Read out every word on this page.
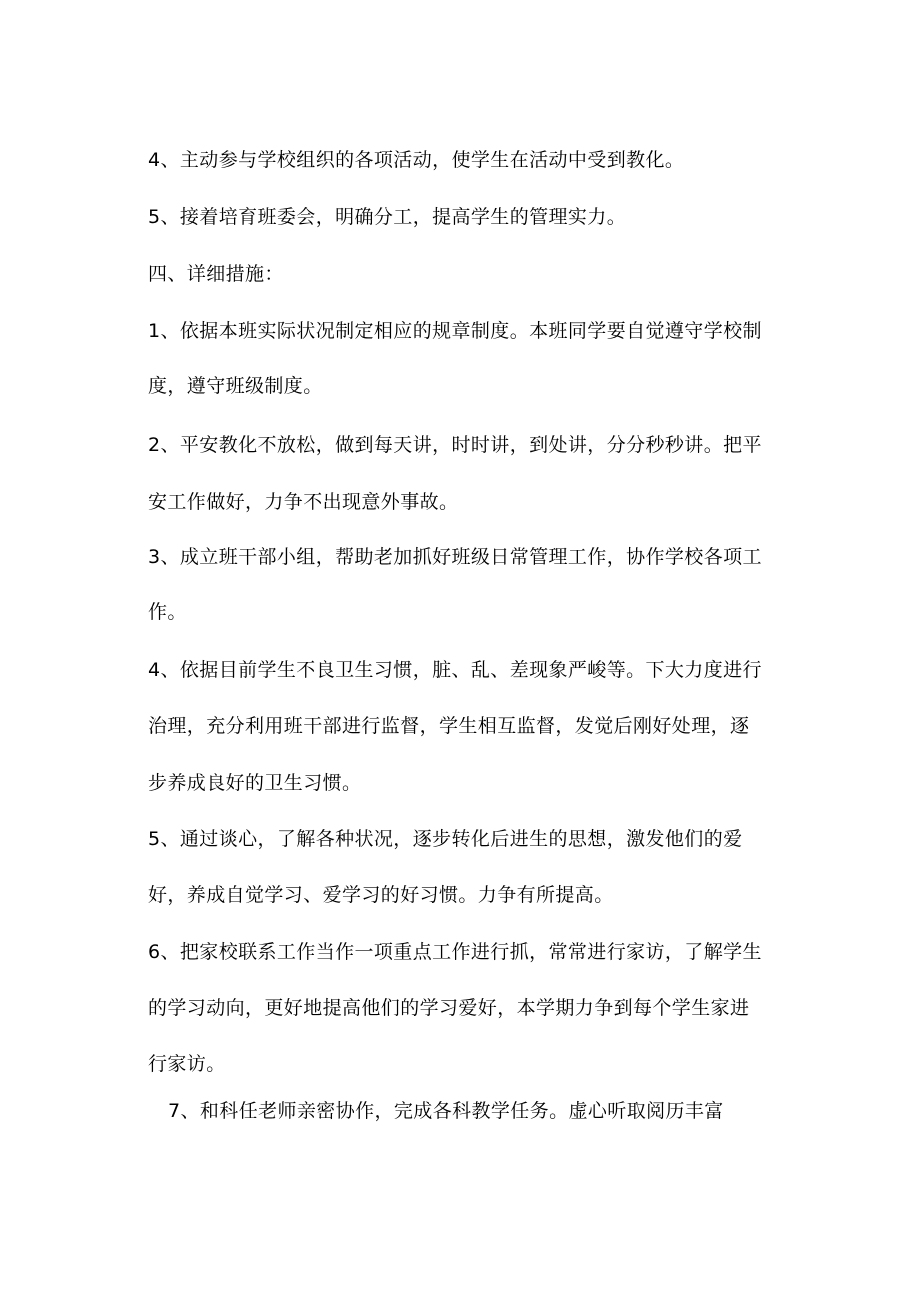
4、主动参与学校组织的各项活动，使学生在活动中受到教化。
5、接着培育班委会，明确分工，提高学生的管理实力。
四、详细措施：
1、依据本班实际状况制定相应的规章制度。本班同学要自觉遵守学校制
度，遵守班级制度。
2、平安教化不放松，做到每天讲，时时讲，到处讲，分分秒秒讲。把平
安工作做好，力争不出现意外事故。
3、成立班干部小组，帮助老加抓好班级日常管理工作，协作学校各项工
作。
4、依据目前学生不良卫生习惯，脏、乱、差现象严峻等。下大力度进行
治理，充分利用班干部进行监督，学生相互监督，发觉后刚好处理，逐
步养成良好的卫生习惯。
5、通过谈心，了解各种状况，逐步转化后进生的思想，激发他们的爱
好，养成自觉学习、爱学习的好习惯。力争有所提高。
6、把家校联系工作当作一项重点工作进行抓，常常进行家访，了解学生
的学习动向，更好地提高他们的学习爱好，本学期力争到每个学生家进
行家访。
7、和科任老师亲密协作，完成各科教学任务。虚心听取阅历丰富
